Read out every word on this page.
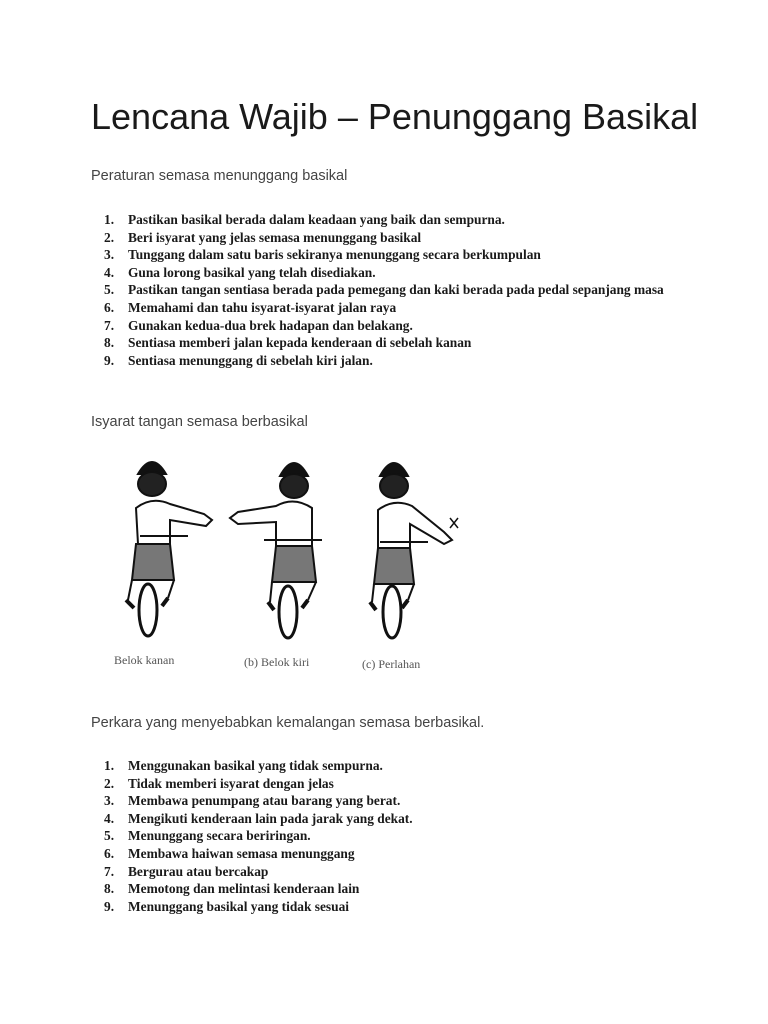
Lencana Wajib – Penunggang Basikal

Peraturan semasa menunggang basikal

1. Pastikan basikal berada dalam keadaan yang baik dan sempurna.
2. Beri isyarat yang jelas semasa menunggang basikal
3. Tunggang dalam satu baris sekiranya menunggang secara berkumpulan
4. Guna lorong basikal yang telah disediakan.
5. Pastikan tangan sentiasa berada pada pemegang dan kaki berada pada pedal sepanjang masa
6. Memahami dan tahu isyarat-isyarat jalan raya
7. Gunakan kedua-dua brek hadapan dan belakang.
8. Sentiasa memberi jalan kepada kenderaan di sebelah kanan
9. Sentiasa menunggang di sebelah kiri jalan.

Isyarat tangan semasa berbasikal

Belok kanan	(b) Belok kiri	(c) Perlahan

Perkara yang menyebabkan kemalangan semasa berbasikal.

1. Menggunakan basikal yang tidak sempurna.
2. Tidak memberi isyarat dengan jelas
3. Membawa penumpang atau barang yang berat.
4. Mengikuti kenderaan lain pada jarak yang dekat.
5. Menunggang secara beriringan.
6. Membawa haiwan semasa menunggang
7. Bergurau atau bercakap
8. Memotong dan melintasi kenderaan lain
9. Menunggang basikal yang tidak sesuai
